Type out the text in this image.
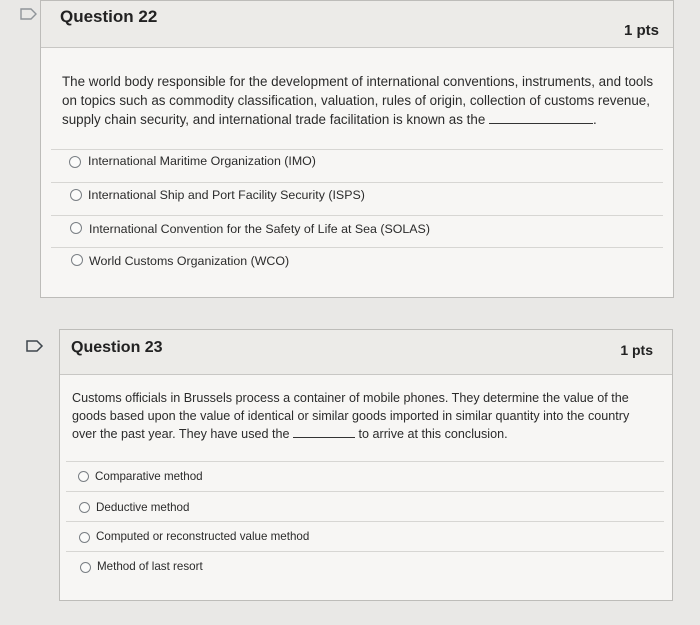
Question 22
1 pts
The world body responsible for the development of international conventions, instruments, and tools on topics such as commodity classification, valuation, rules of origin, collection of customs revenue, supply chain security, and international trade facilitation is known as the	.
International Maritime Organization (IMO)
International Ship and Port Facility Security (ISPS)
International Convention for the Safety of Life at Sea (SOLAS)
World Customs Organization (WCO)
Question 23	1 pts
Customs officials in Brussels process a container of mobile phones. They determine the value of the goods based upon the value of identical or similar goods imported in similar quantity into the country over the past year. They have used the	to arrive at this conclusion.
Comparative method
Deductive method
Computed or reconstructed value method
Method of last resort
